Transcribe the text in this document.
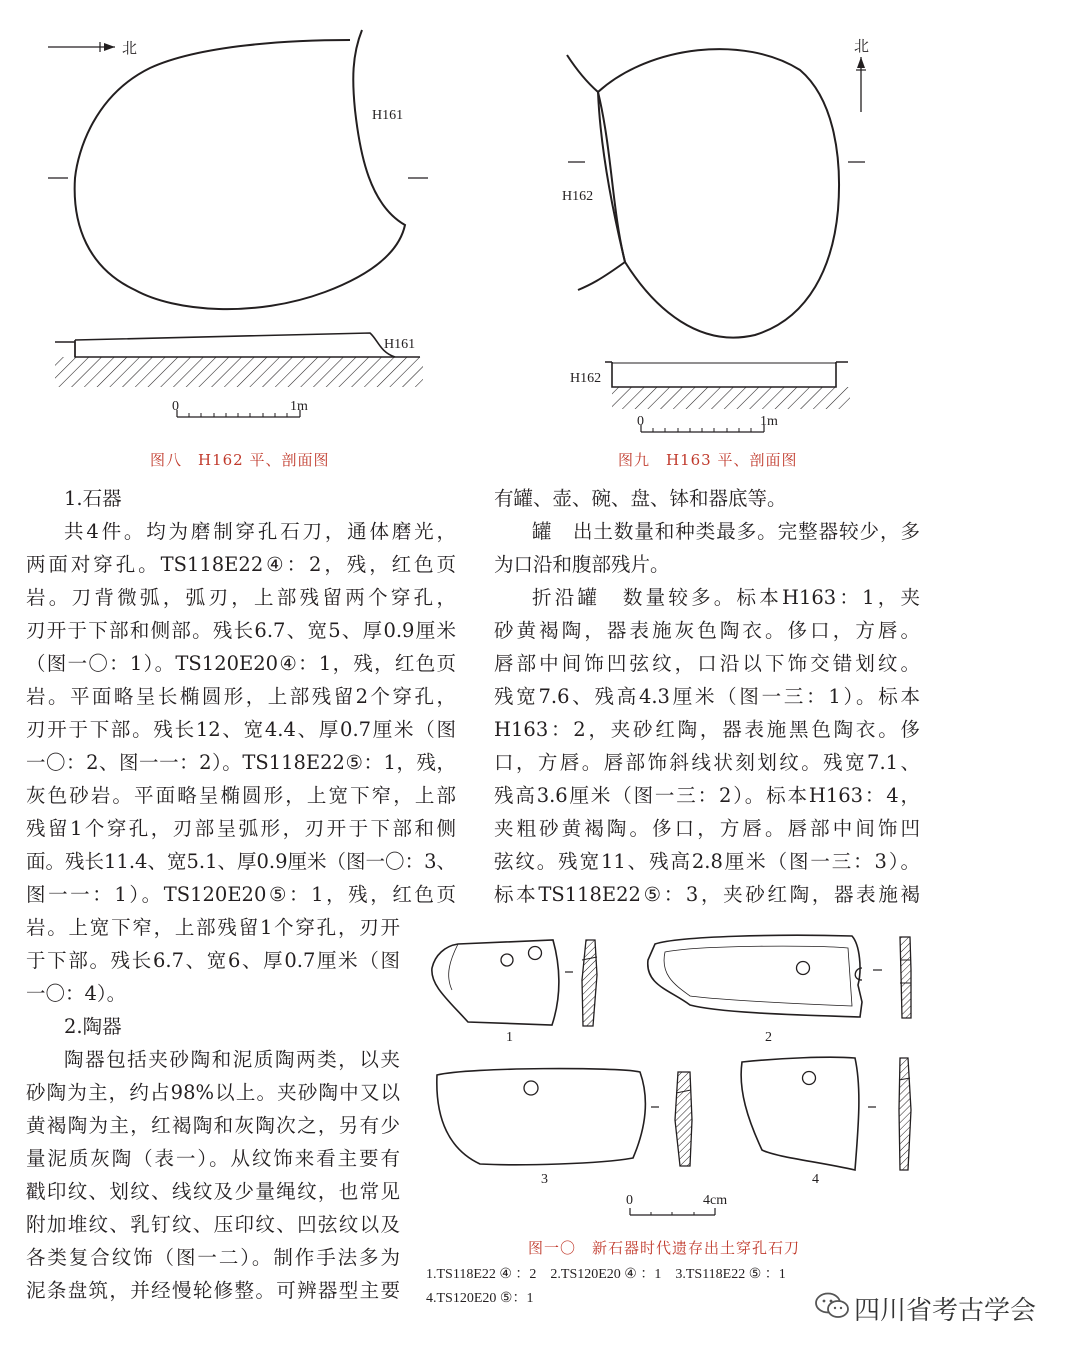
北
H161
H161
0	1m
图八　H162 平、剖面图
北
H162
H162
0	1m
图九　H163 平、剖面图

1.石器

共4件。均为磨制穿孔石刀，通体磨光，

两面对穿孔。TS118E22④：2，残，红色页

岩。刀背微弧，弧刃，上部残留两个穿孔，

刃开于下部和侧部。残长6.7、宽5、厚0.9厘米

（图一〇：1）。TS120E20④：1，残，红色页

岩。平面略呈长椭圆形，上部残留2个穿孔，

刃开于下部。残长12、宽4.4、厚0.7厘米（图

一〇：2、图一一：2）。TS118E22⑤：1，残，

灰色砂岩。平面略呈椭圆形，上宽下窄，上部

残留1个穿孔，刃部呈弧形，刃开于下部和侧

面。残长11.4、宽5.1、厚0.9厘米（图一〇：3、

图一一：1）。TS120E20⑤：1，残，红色页

岩。上宽下窄，上部残留1个穿孔，刃开

于下部。残长6.7、宽6、厚0.7厘米（图

一〇：4）。

2.陶器

陶器包括夹砂陶和泥质陶两类，以夹

砂陶为主，约占98%以上。夹砂陶中又以

黄褐陶为主，红褐陶和灰陶次之，另有少

量泥质灰陶（表一）。从纹饰来看主要有

戳印纹、划纹、线纹及少量绳纹，也常见

附加堆纹、乳钉纹、压印纹、凹弦纹以及

各类复合纹饰（图一二）。制作手法多为

泥条盘筑，并经慢轮修整。可辨器型主要

有罐、壶、碗、盘、钵和器底等。

罐　出土数量和种类最多。完整器较少，多

为口沿和腹部残片。

折沿罐　数量较多。标本H163：1，夹

砂黄褐陶，器表施灰色陶衣。侈口，方唇。

唇部中间饰凹弦纹，口沿以下饰交错划纹。

残宽7.6、残高4.3厘米（图一三：1）。标本

H163：2，夹砂红陶，器表施黑色陶衣。侈

口，方唇。唇部饰斜线状刻划纹。残宽7.1、

残高3.6厘米（图一三：2）。标本H163：4，

夹粗砂黄褐陶。侈口，方唇。唇部中间饰凹

弦纹。残宽11、残高2.8厘米（图一三：3）。

标本TS118E22⑤：3，夹砂红陶，器表施褐

1	2
3	4
0	4cm
图一〇　新石器时代遗存出土穿孔石刀
1.TS118E22 ④ ：2　2.TS120E20 ④ ：1　3.TS118E22 ⑤ ：1
4.TS120E20 ⑤：1	四川省考古学会
